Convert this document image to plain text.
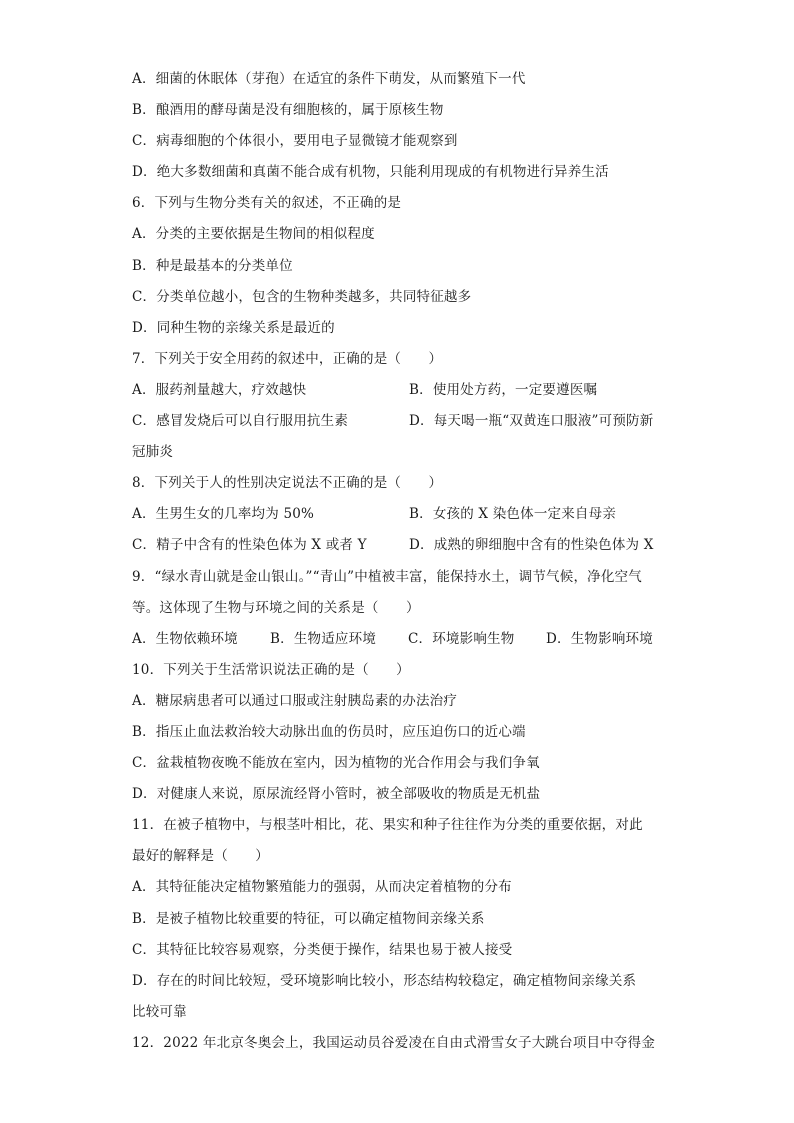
A．细菌的休眠体（芽孢）在适宜的条件下萌发，从而繁殖下一代
B．酿酒用的酵母菌是没有细胞核的，属于原核生物
C．病毒细胞的个体很小，要用电子显微镜才能观察到
D．绝大多数细菌和真菌不能合成有机物，只能利用现成的有机物进行异养生活
6．下列与生物分类有关的叙述，不正确的是
A．分类的主要依据是生物间的相似程度
B．种是最基本的分类单位
C．分类单位越小，包含的生物种类越多，共同特征越多
D．同种生物的亲缘关系是最近的
7．下列关于安全用药的叙述中，正确的是（　　）
A．服药剂量越大，疗效越快	B．使用处方药，一定要遵医嘱
C．感冒发烧后可以自行服用抗生素	D．每天喝一瓶“双黄连口服液”可预防新
冠肺炎
8．下列关于人的性别决定说法不正确的是（　　）
A．生男生女的几率均为 50%	B．女孩的 X 染色体一定来自母亲
C．精子中含有的性染色体为 X 或者 Y	D．成熟的卵细胞中含有的性染色体为 X
9．“绿水青山就是金山银山。”“青山”中植被丰富，能保持水土，调节气候，净化空气
等。这体现了生物与环境之间的关系是（　　）
A．生物依赖环境	B．生物适应环境	C．环境影响生物	D．生物影响环境
10．下列关于生活常识说法正确的是（　　）
A．糖尿病患者可以通过口服或注射胰岛素的办法治疗
B．指压止血法救治较大动脉出血的伤员时，应压迫伤口的近心端
C．盆栽植物夜晚不能放在室内，因为植物的光合作用会与我们争氧
D．对健康人来说，原尿流经肾小管时，被全部吸收的物质是无机盐
11．在被子植物中，与根茎叶相比，花、果实和种子往往作为分类的重要依据，对此
最好的解释是（　　）
A．其特征能决定植物繁殖能力的强弱，从而决定着植物的分布
B．是被子植物比较重要的特征，可以确定植物间亲缘关系
C．其特征比较容易观察，分类便于操作，结果也易于被人接受
D．存在的时间比较短，受环境影响比较小，形态结构较稳定，确定植物间亲缘关系
比较可靠
12．2022 年北京冬奥会上，我国运动员谷爱凌在自由式滑雪女子大跳台项目中夺得金
